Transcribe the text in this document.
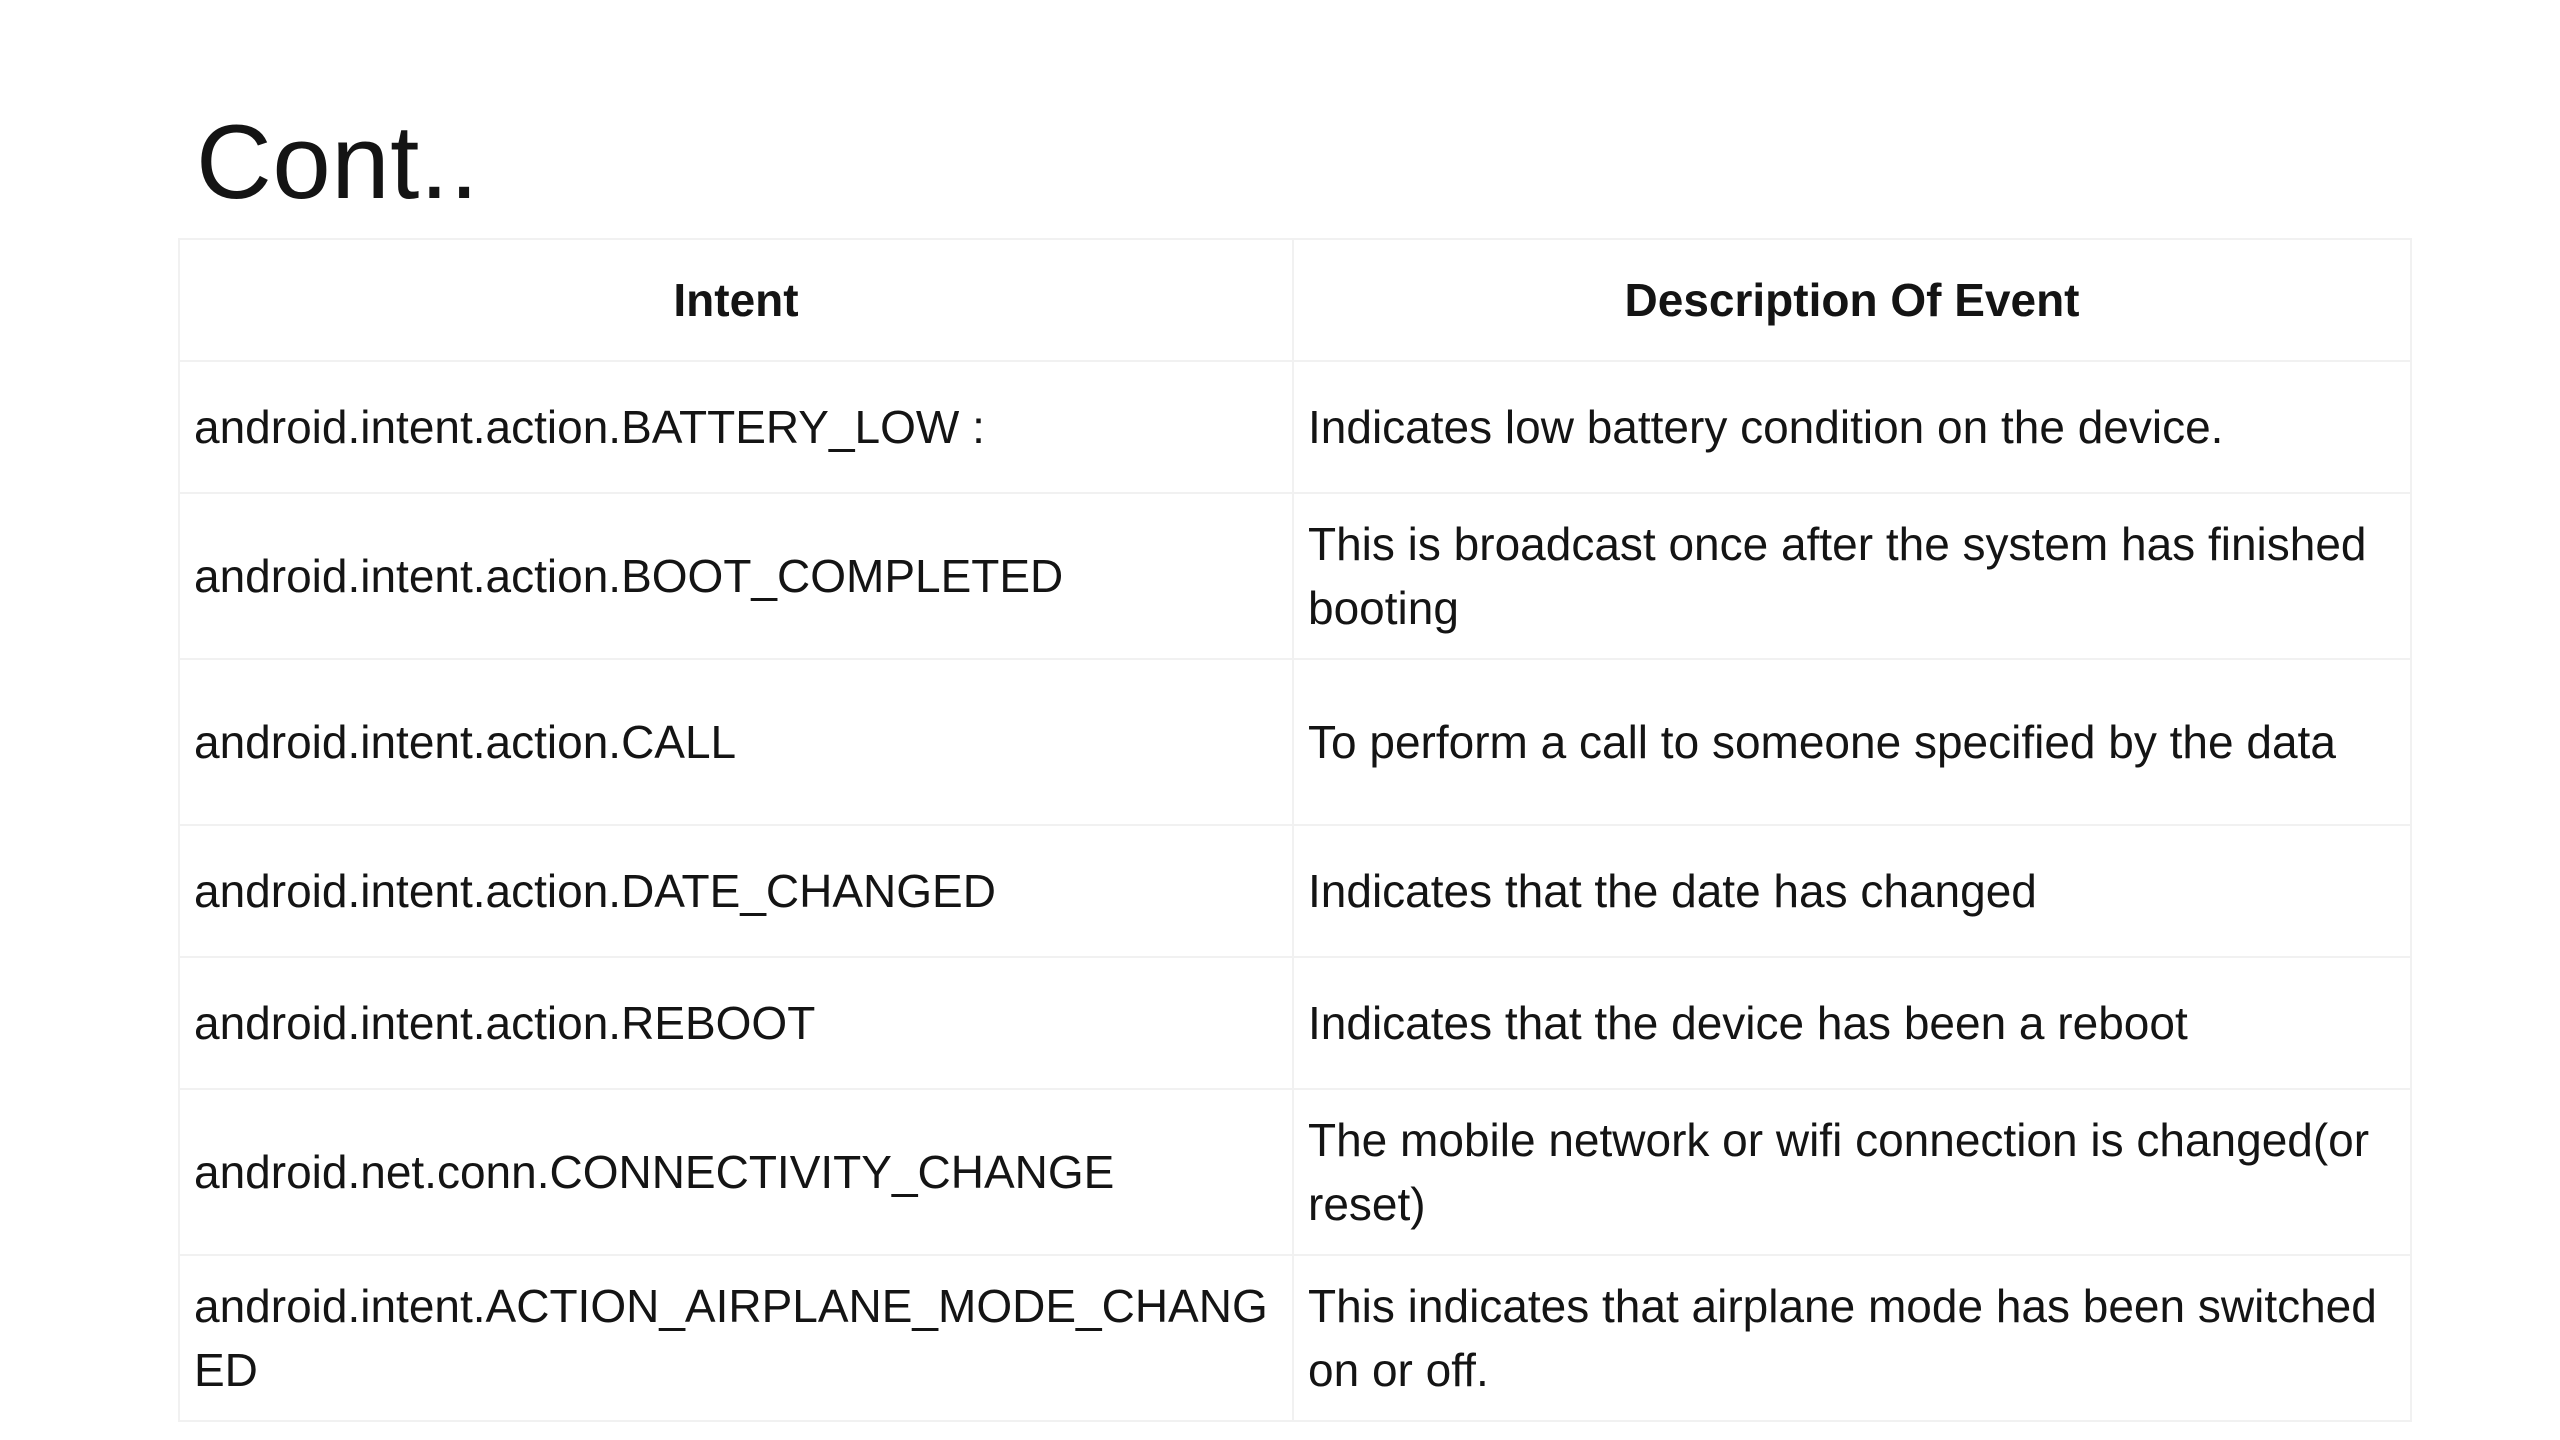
Cont..
Intent	Description Of Event
android.intent.action.BATTERY_LOW :	Indicates low battery condition on the device.
android.intent.action.BOOT_COMPLETED	This is broadcast once after the system has finished booting
android.intent.action.CALL	To perform a call to someone specified by the data
android.intent.action.DATE_CHANGED	Indicates that the date has changed
android.intent.action.REBOOT	Indicates that the device has been a reboot
android.net.conn.CONNECTIVITY_CHANGE	The mobile network or wifi connection is changed(or reset)
android.intent.ACTION_AIRPLANE_MODE_CHANGED	This indicates that airplane mode has been switched on or off.
